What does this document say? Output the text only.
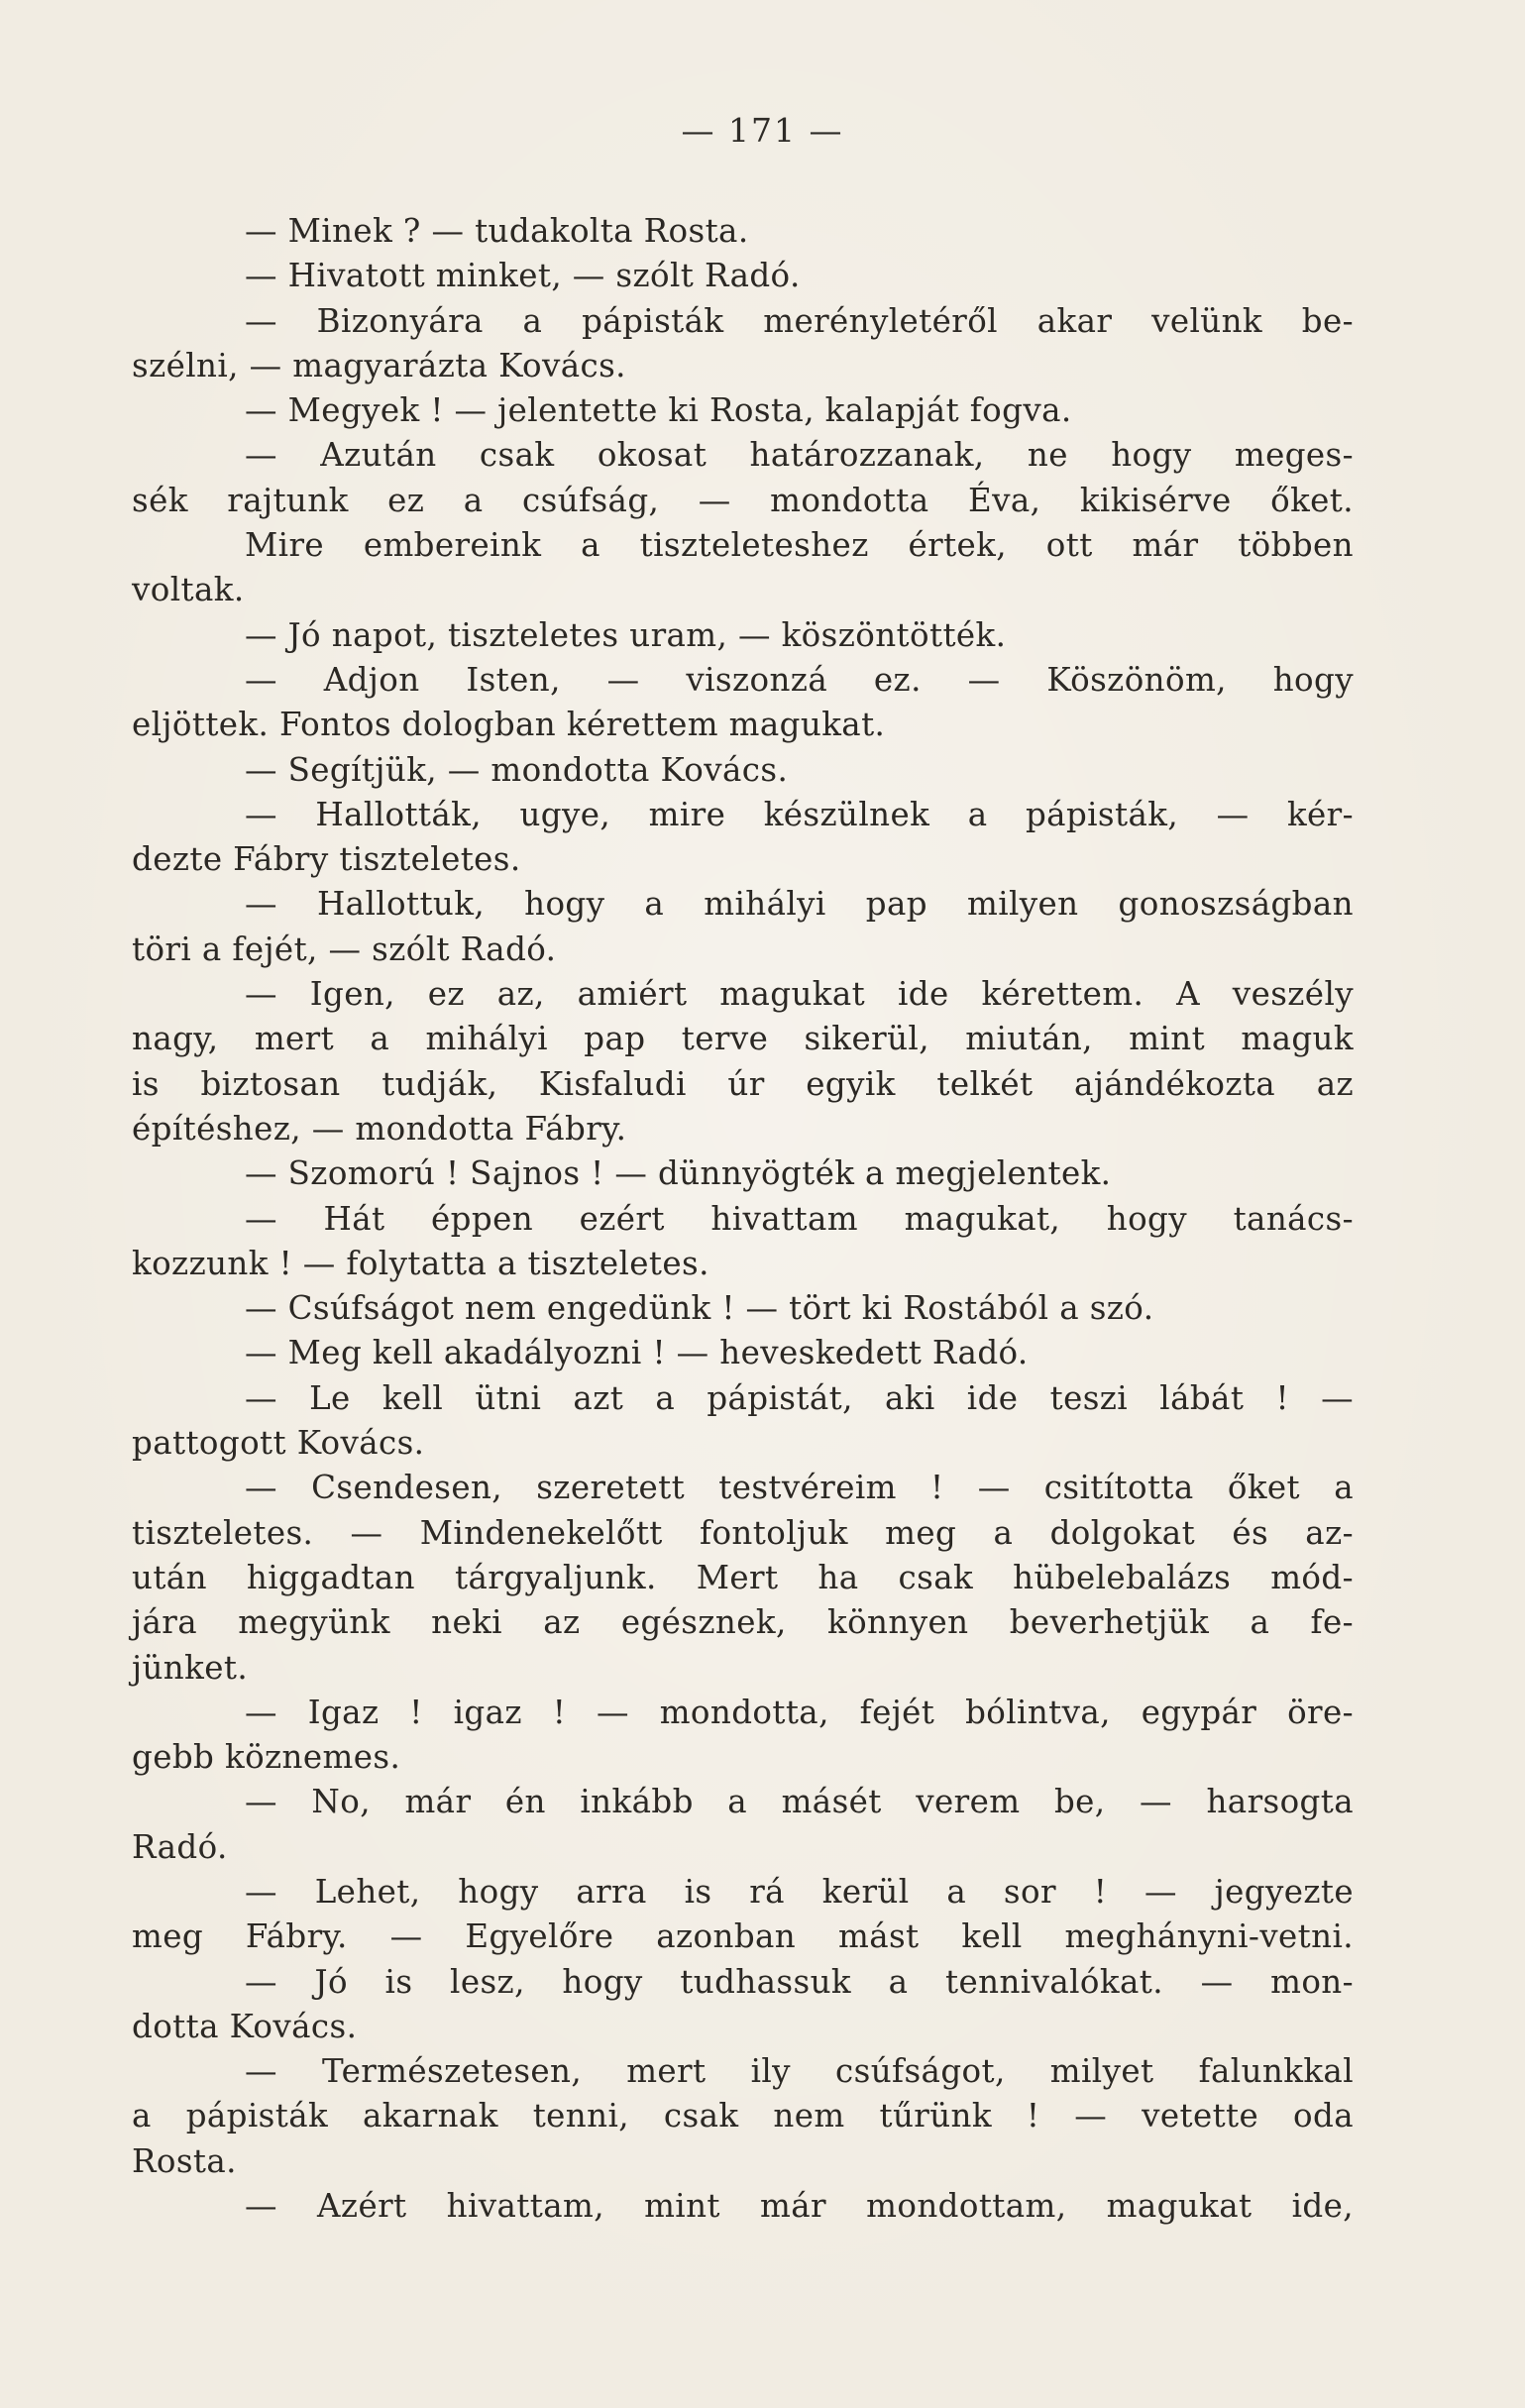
— 171 —
— Minek ? — tudakolta Rosta.
— Hivatott minket, — szólt Radó.
— Bizonyára a pápisták merényletéről akar velünk be-
szélni, — magyarázta Kovács.
— Megyek ! — jelentette ki Rosta, kalapját fogva.
— Azután csak okosat határozzanak, ne hogy meges-
sék rajtunk ez a csúfság, — mondotta Éva, kikisérve őket.
Mire embereink a tiszteleteshez értek, ott már többen
voltak.
— Jó napot, tiszteletes uram, — köszöntötték.
— Adjon Isten, — viszonzá ez. — Köszönöm, hogy
eljöttek. Fontos dologban kérettem magukat.
— Segítjük, — mondotta Kovács.
— Hallották, ugye, mire készülnek a pápisták, — kér-
dezte Fábry tiszteletes.
— Hallottuk, hogy a mihályi pap milyen gonoszságban
töri a fejét, — szólt Radó.
— Igen, ez az, amiért magukat ide kérettem. A veszély
nagy, mert a mihályi pap terve sikerül, miután, mint maguk
is biztosan tudják, Kisfaludi úr egyik telkét ajándékozta az
építéshez, — mondotta Fábry.
— Szomorú ! Sajnos ! — dünnyögték a megjelentek.
— Hát éppen ezért hivattam magukat, hogy tanács-
kozzunk ! — folytatta a tiszteletes.
— Csúfságot nem engedünk ! — tört ki Rostából a szó.
— Meg kell akadályozni ! — heveskedett Radó.
— Le kell ütni azt a pápistát, aki ide teszi lábát ! —
pattogott Kovács.
— Csendesen, szeretett testvéreim ! — csitította őket a
tiszteletes. — Mindenekelőtt fontoljuk meg a dolgokat és az-
után higgadtan tárgyaljunk. Mert ha csak hübelebalázs mód-
jára megyünk neki az egésznek, könnyen beverhetjük a fe-
jünket.
— Igaz ! igaz ! — mondotta, fejét bólintva, egypár öre-
gebb köznemes.
— No, már én inkább a másét verem be, — harsogta
Radó.
— Lehet, hogy arra is rá kerül a sor ! — jegyezte
meg Fábry. — Egyelőre azonban mást kell meghányni-vetni.
— Jó is lesz, hogy tudhassuk a tennivalókat. — mon-
dotta Kovács.
— Természetesen, mert ily csúfságot, milyet falunkkal
a pápisták akarnak tenni, csak nem tűrünk ! — vetette oda
Rosta.
— Azért hivattam, mint már mondottam, magukat ide,
